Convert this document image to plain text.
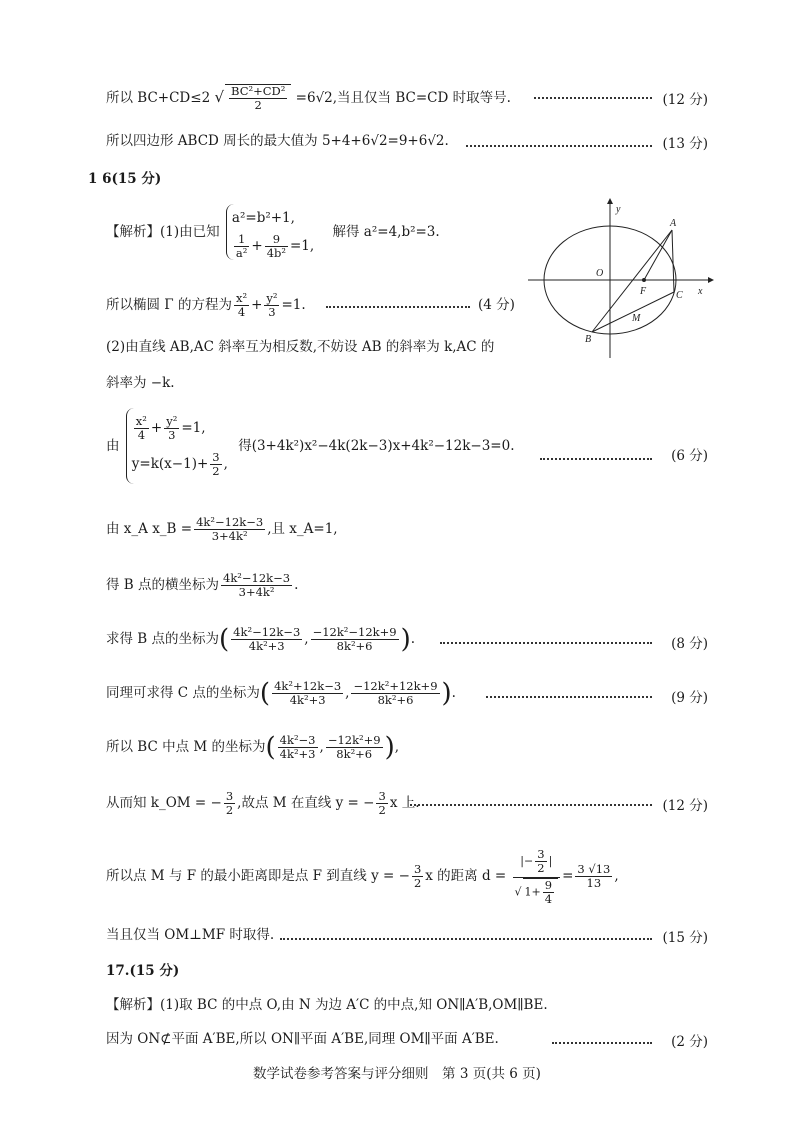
所以 BC+CD≤2 √ $\frac{\text{BC²+CD²}}{2} =6√2$,当且仅当 BC=CD 时取等号.	(12 分)
所以四边形 ABCD 周长的最大值为 5+4+6√2=9+6√2.	(13 分)
1 6(15 分)
【解析】(1)由已知
a²=b²+1,
$\frac{1}{\text{a²}} + \frac{9}{\text{4b²}} =1$,
解得 a²=4,b²=3.
所以椭圆 Γ 的方程为 $\frac{\text{x²}}{4} + \frac{\text{y²}}{3} =1$.	(4 分)
y
x
O
A
B
C
F
M
(2)由直线 AB,AC 斜率互为相反数,不妨设 AB 的斜率为 k,AC 的
斜率为 −k.
由
$\frac{\text{x²}}{4} + \frac{\text{y²}}{3} =1$,
$y=k(x-1)+ \frac{3}{2}$ ,
得(3+4k²)x²−4k(2k−3)x+4k²−12k−3=0.
(6 分)
由 x_A x_B = $\frac{\text{4k²−12k−3}}{\text{3+4k²}}$ ,且 x_A=1,
得 B 点的横坐标为 $\frac{\text{4k²−12k−3}}{\text{3+4k²}}$ .
求得 B 点的坐标为( $\frac{\text{4k²−12k−3}}{\text{4k²+3}}$ , $\frac{\text{−12k²−12k+9}}{\text{8k²+6}}$ ).	(8 分)
同理可求得 C 点的坐标为( $\frac{\text{4k²+12k−3}}{\text{4k²+3}}$ , $\frac{\text{−12k²+12k+9}}{\text{8k²+6}}$ ).	(9 分)
所以 BC 中点 M 的坐标为( $\frac{\text{4k²−3}}{\text{4k²+3}}$ , $\frac{\text{−12k²+9}}{\text{8k²+6}}$ ),
从而知 k_OM = − $\frac{3}{2}$ ,故点 M 在直线 y = − $\frac{3}{2}$ x 上.	(12 分)
所以点 M 与 F 的最小距离即是点 F 到直线 y = − $\frac{3}{2}$ x 的距离 $d = \frac{|- \frac{3}{2} |}{√ 1+ \frac{9}{4}} = \frac{3 √13}{13}$ ,
当且仅当 OM⊥MF 时取得.	(15 分)
17.(15 分)
【解析】(1)取 BC 的中点 O,由 N 为边 A′C 的中点,知 ON∥A′B,OM∥BE.
因为 ON⊄平面 A′BE,所以 ON∥平面 A′BE,同理 OM∥平面 A′BE.	(2 分)
数学试卷参考答案与评分细则　第 3 页(共 6 页)
